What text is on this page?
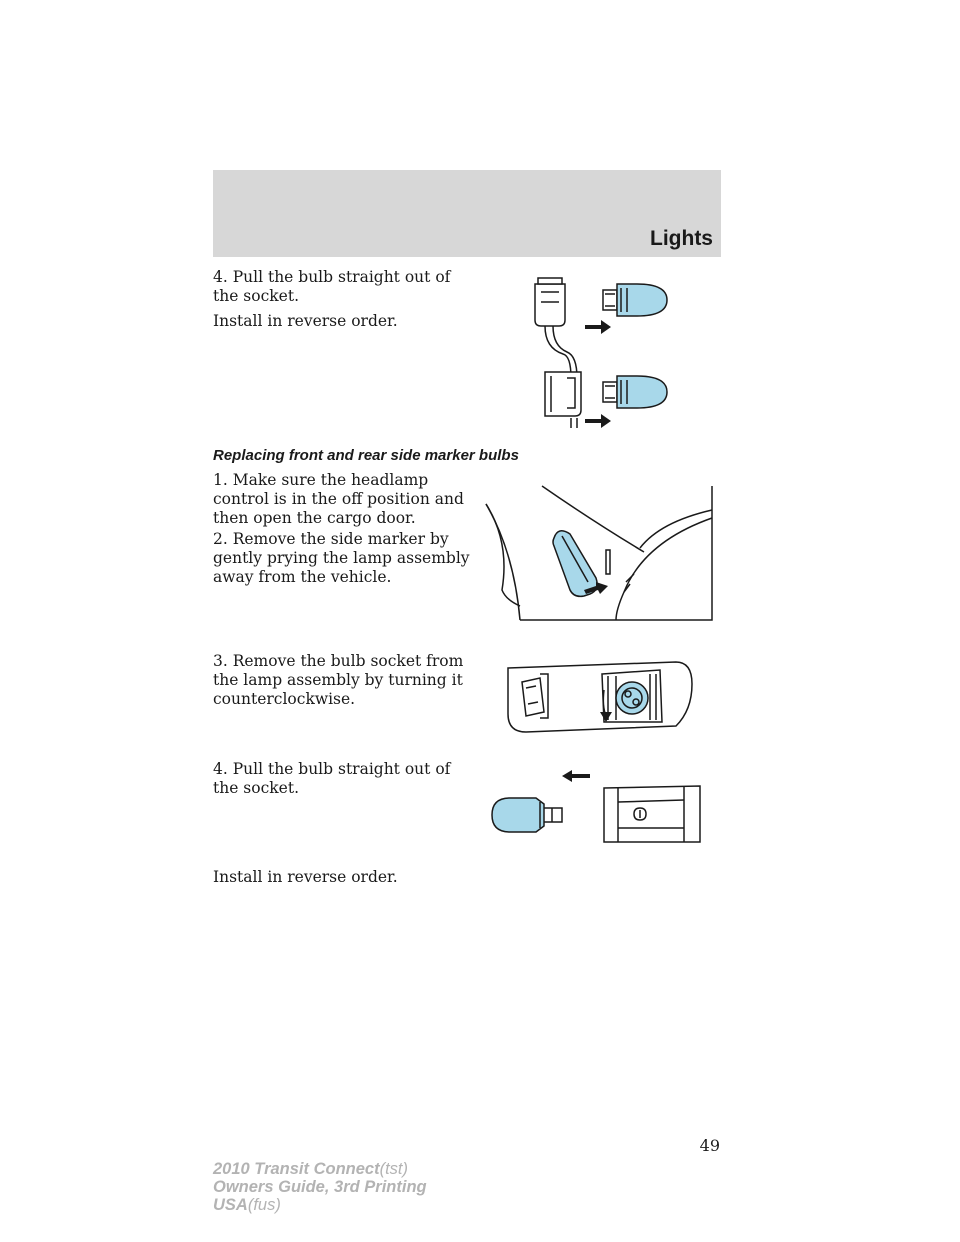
Lights

4. Pull the bulb straight out of the socket.

Install in reverse order.

Replacing front and rear side marker bulbs

1. Make sure the headlamp control is in the off position and then open the cargo door.

2. Remove the side marker by gently prying the lamp assembly away from the vehicle.

3. Remove the bulb socket from the lamp assembly by turning it counterclockwise.

4. Pull the bulb straight out of the socket.

Install in reverse order.

49
2010 Transit Connect(tst)
Owners Guide, 3rd Printing
USA(fus)
